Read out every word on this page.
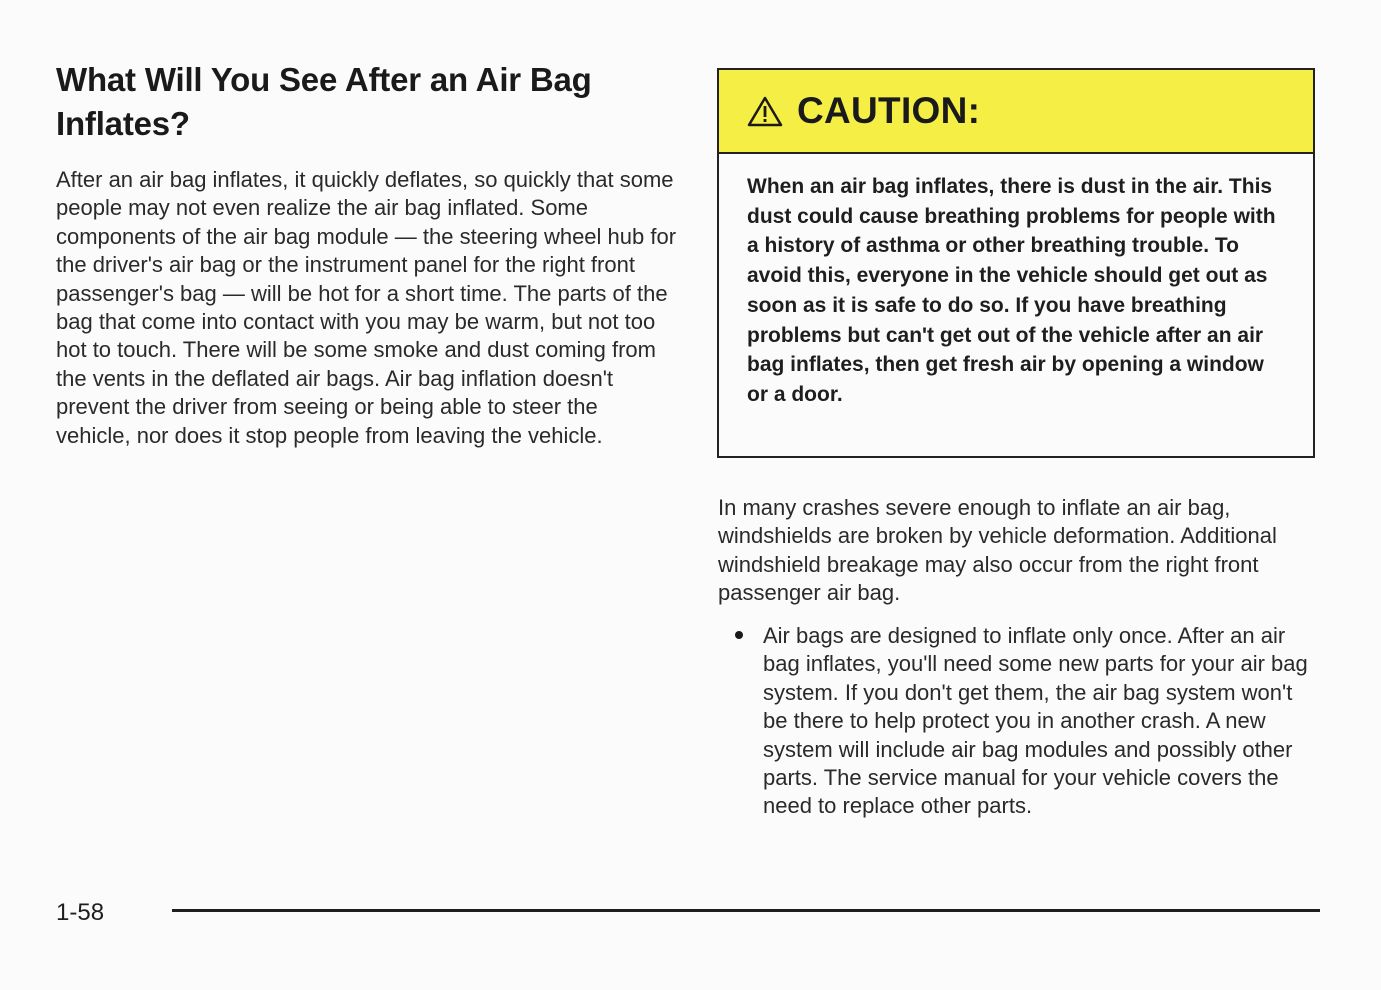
What Will You See After an Air Bag Inflates?

After an air bag inflates, it quickly deflates, so quickly that some people may not even realize the air bag inflated. Some components of the air bag module — the steering wheel hub for the driver's air bag or the instrument panel for the right front passenger's bag — will be hot for a short time. The parts of the bag that come into contact with you may be warm, but not too hot to touch. There will be some smoke and dust coming from the vents in the deflated air bags. Air bag inflation doesn't prevent the driver from seeing or being able to steer the vehicle, nor does it stop people from leaving the vehicle.

CAUTION:

When an air bag inflates, there is dust in the air. This dust could cause breathing problems for people with a history of asthma or other breathing trouble. To avoid this, everyone in the vehicle should get out as soon as it is safe to do so. If you have breathing problems but can't get out of the vehicle after an air bag inflates, then get fresh air by opening a window or a door.

In many crashes severe enough to inflate an air bag, windshields are broken by vehicle deformation. Additional windshield breakage may also occur from the right front passenger air bag.

Air bags are designed to inflate only once. After an air bag inflates, you'll need some new parts for your air bag system. If you don't get them, the air bag system won't be there to help protect you in another crash. A new system will include air bag modules and possibly other parts. The service manual for your vehicle covers the need to replace other parts.
1-58
